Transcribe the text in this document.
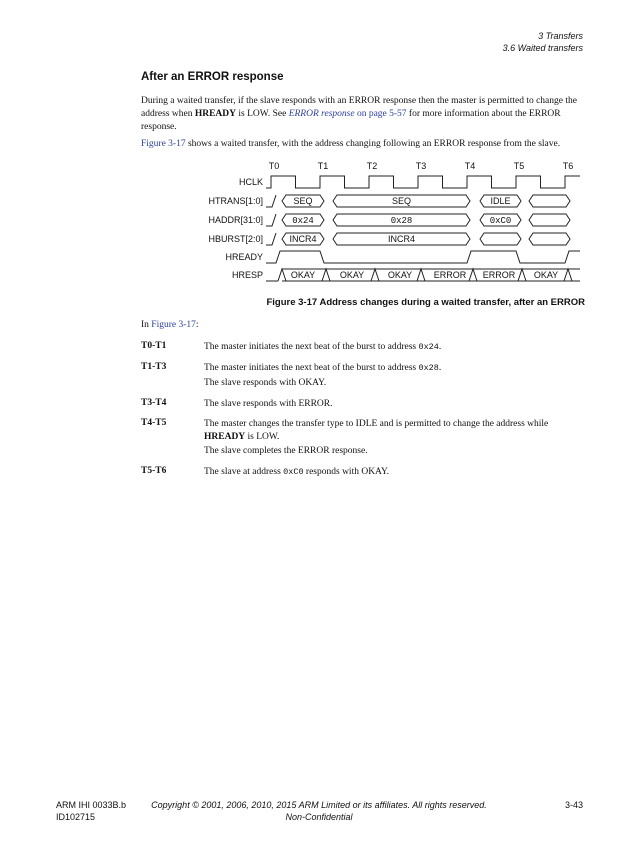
3 Transfers
3.6 Waited transfers
After an ERROR response
During a waited transfer, if the slave responds with an ERROR response then the master is permitted to change the address when HREADY is LOW. See ERROR response on page 5-57 for more information about the ERROR response.
Figure 3-17 shows a waited transfer, with the address changing following an ERROR response from the slave.
T0	T1	T2	T3	T4	T5	T6
HCLK
HTRANS[1:0]
HADDR[31:0]
HBURST[2:0]
HREADY
HRESP
SEQ	SEQ	IDLE
0x24	0x28	0xC0
INCR4	INCR4
OKAY	OKAY	OKAY ERROR ERROR OKAY
Figure 3-17 Address changes during a waited transfer, after an ERROR
In Figure 3-17:
T0-T1	The master initiates the next beat of the burst to address 0x24.
T1-T3	The master initiates the next beat of the burst to address 0x28.
The slave responds with OKAY.
T3-T4	The slave responds with ERROR.
T4-T5	The master changes the transfer type to IDLE and is permitted to change the address while HREADY is LOW.
The slave completes the ERROR response.
T5-T6	The slave at address 0xC0 responds with OKAY.
ARM IHI 0033B.b
ID102715
Copyright © 2001, 2006, 2010, 2015 ARM Limited or its affiliates. All rights reserved.
Non-Confidential
3-43
